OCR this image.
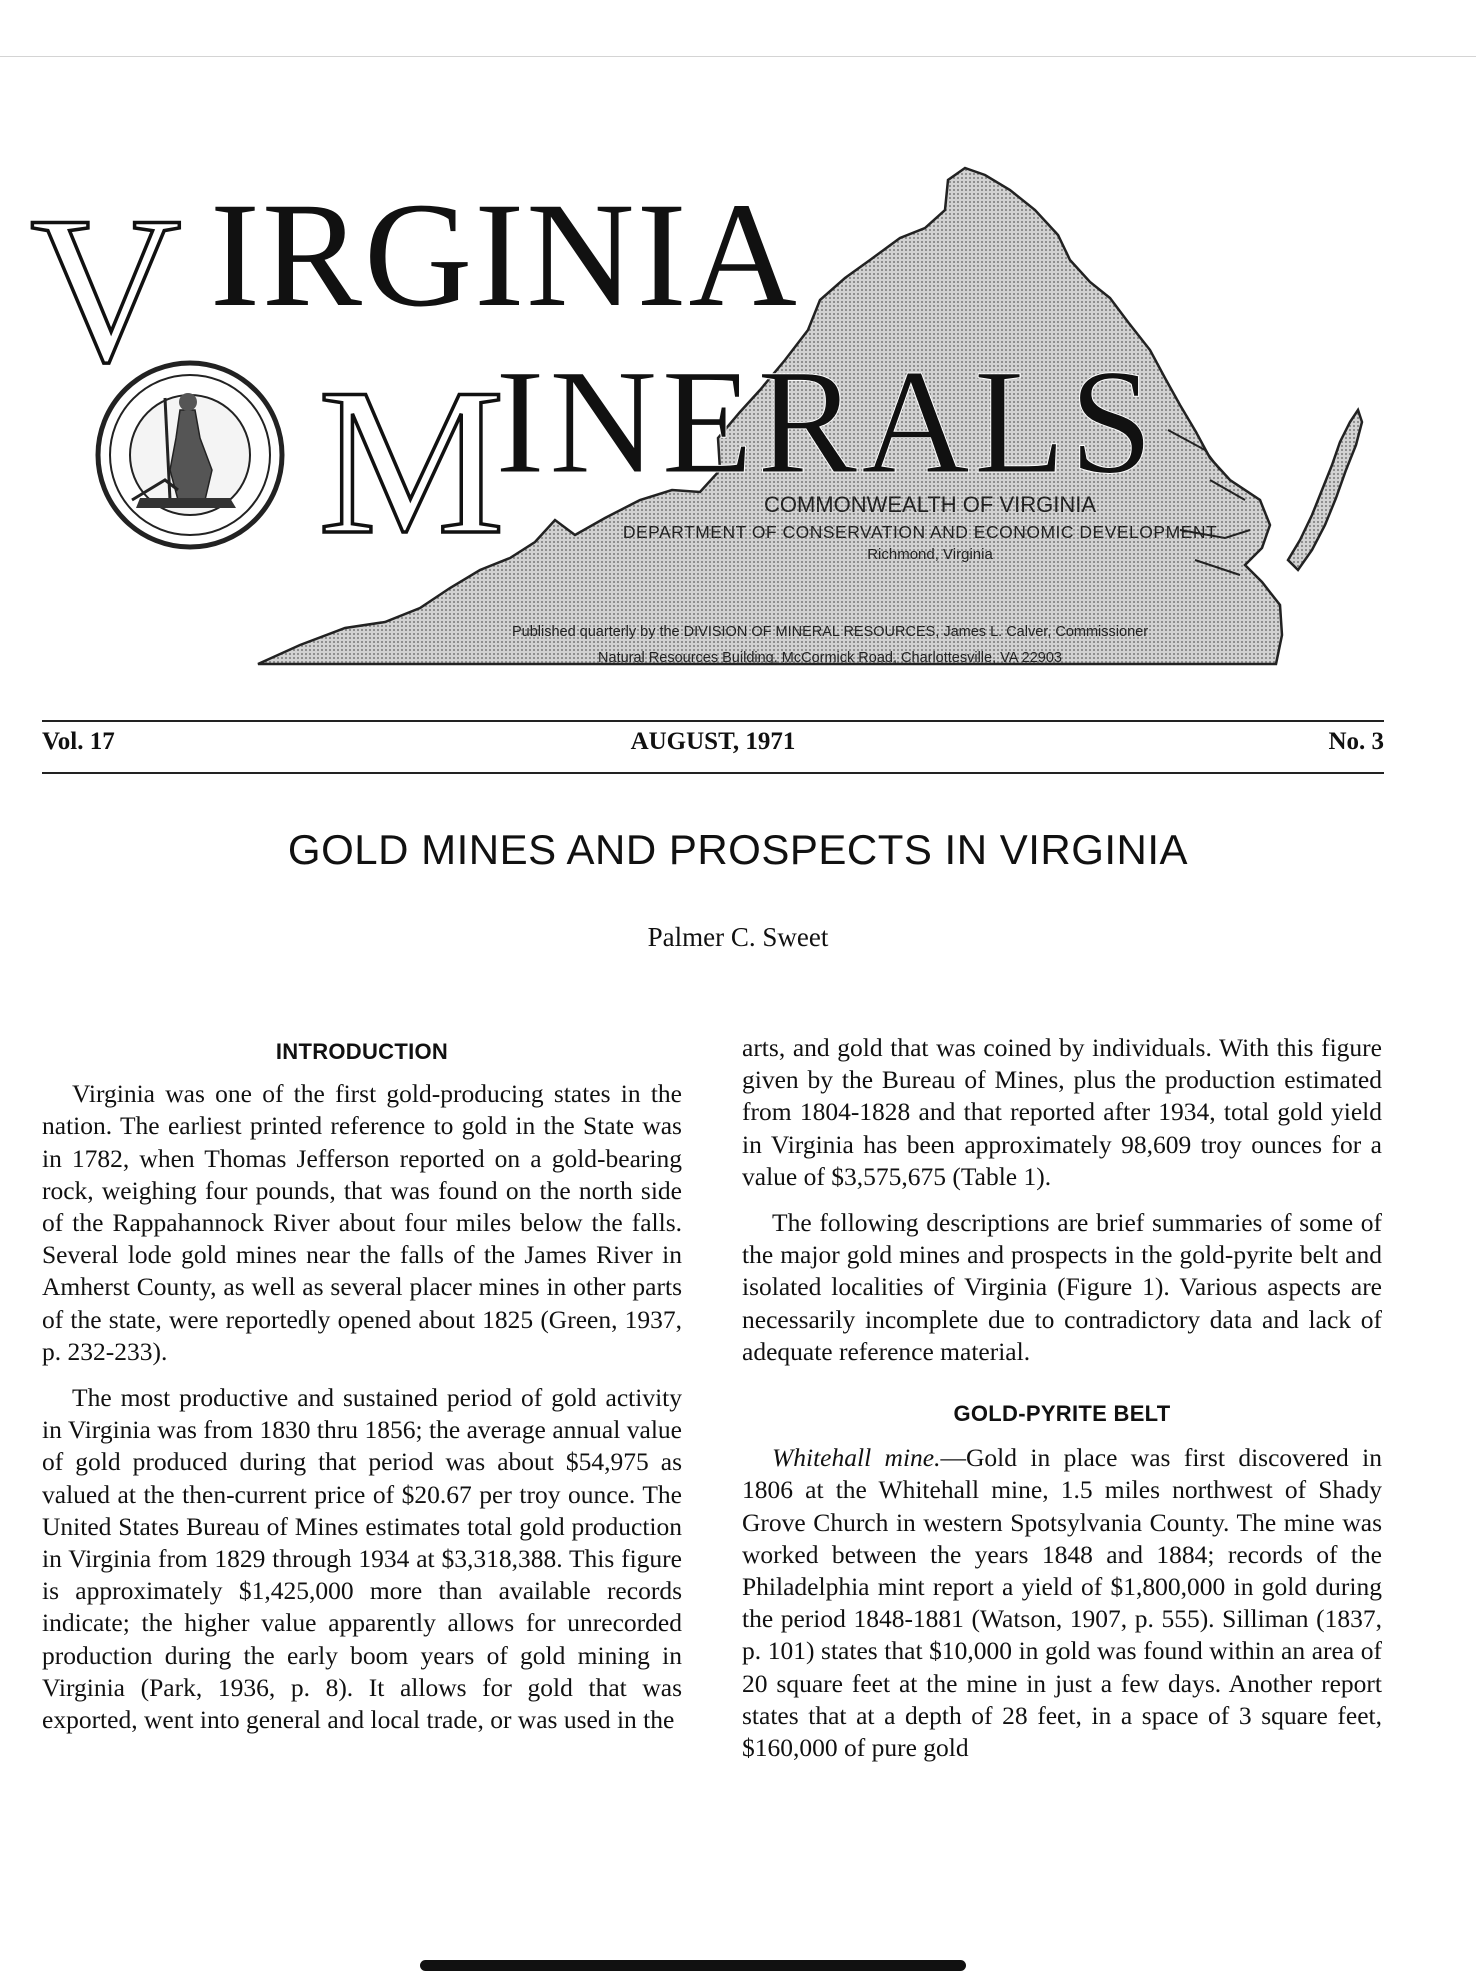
V IRGINIA
M
INERALS
COMMONWEALTH OF VIRGINIA
DEPARTMENT OF CONSERVATION AND ECONOMIC DEVELOPMENT
Richmond, Virginia
Published quarterly by the DIVISION OF MINERAL RESOURCES, James L. Calver, Commissioner
Natural Resources Building, McCormick Road, Charlottesville, VA 22903
Vol. 17	AUGUST, 1971	No. 3
GOLD MINES AND PROSPECTS IN VIRGINIA
Palmer C. Sweet
INTRODUCTION

Virginia was one of the first gold-producing states in the nation. The earliest printed reference to gold in the State was in 1782, when Thomas Jefferson reported on a gold-bearing rock, weighing four pounds, that was found on the north side of the Rappahannock River about four miles below the falls. Several lode gold mines near the falls of the James River in Amherst County, as well as several placer mines in other parts of the state, were reportedly opened about 1825 (Green, 1937, p. 232-233).

The most productive and sustained period of gold activity in Virginia was from 1830 thru 1856; the average annual value of gold produced during that period was about $54,975 as valued at the then-current price of $20.67 per troy ounce. The United States Bureau of Mines estimates total gold production in Virginia from 1829 through 1934 at $3,318,388. This figure is approximately $1,425,000 more than available records indicate; the higher value apparently allows for unrecorded production during the early boom years of gold mining in Virginia (Park, 1936, p. 8). It allows for gold that was exported, went into general and local trade, or was used in the

arts, and gold that was coined by individuals. With this figure given by the Bureau of Mines, plus the production estimated from 1804-1828 and that reported after 1934, total gold yield in Virginia has been approximately 98,609 troy ounces for a value of $3,575,675 (Table 1).

The following descriptions are brief summaries of some of the major gold mines and prospects in the gold-pyrite belt and isolated localities of Virginia (Figure 1). Various aspects are necessarily incomplete due to contradictory data and lack of adequate reference material.

GOLD-PYRITE BELT

Whitehall mine.—Gold in place was first discovered in 1806 at the Whitehall mine, 1.5 miles northwest of Shady Grove Church in western Spotsylvania County. The mine was worked between the years 1848 and 1884; records of the Philadelphia mint report a yield of $1,800,000 in gold during the period 1848-1881 (Watson, 1907, p. 555). Silliman (1837, p. 101) states that $10,000 in gold was found within an area of 20 square feet at the mine in just a few days. Another report states that at a depth of 28 feet, in a space of 3 square feet, $160,000 of pure gold
